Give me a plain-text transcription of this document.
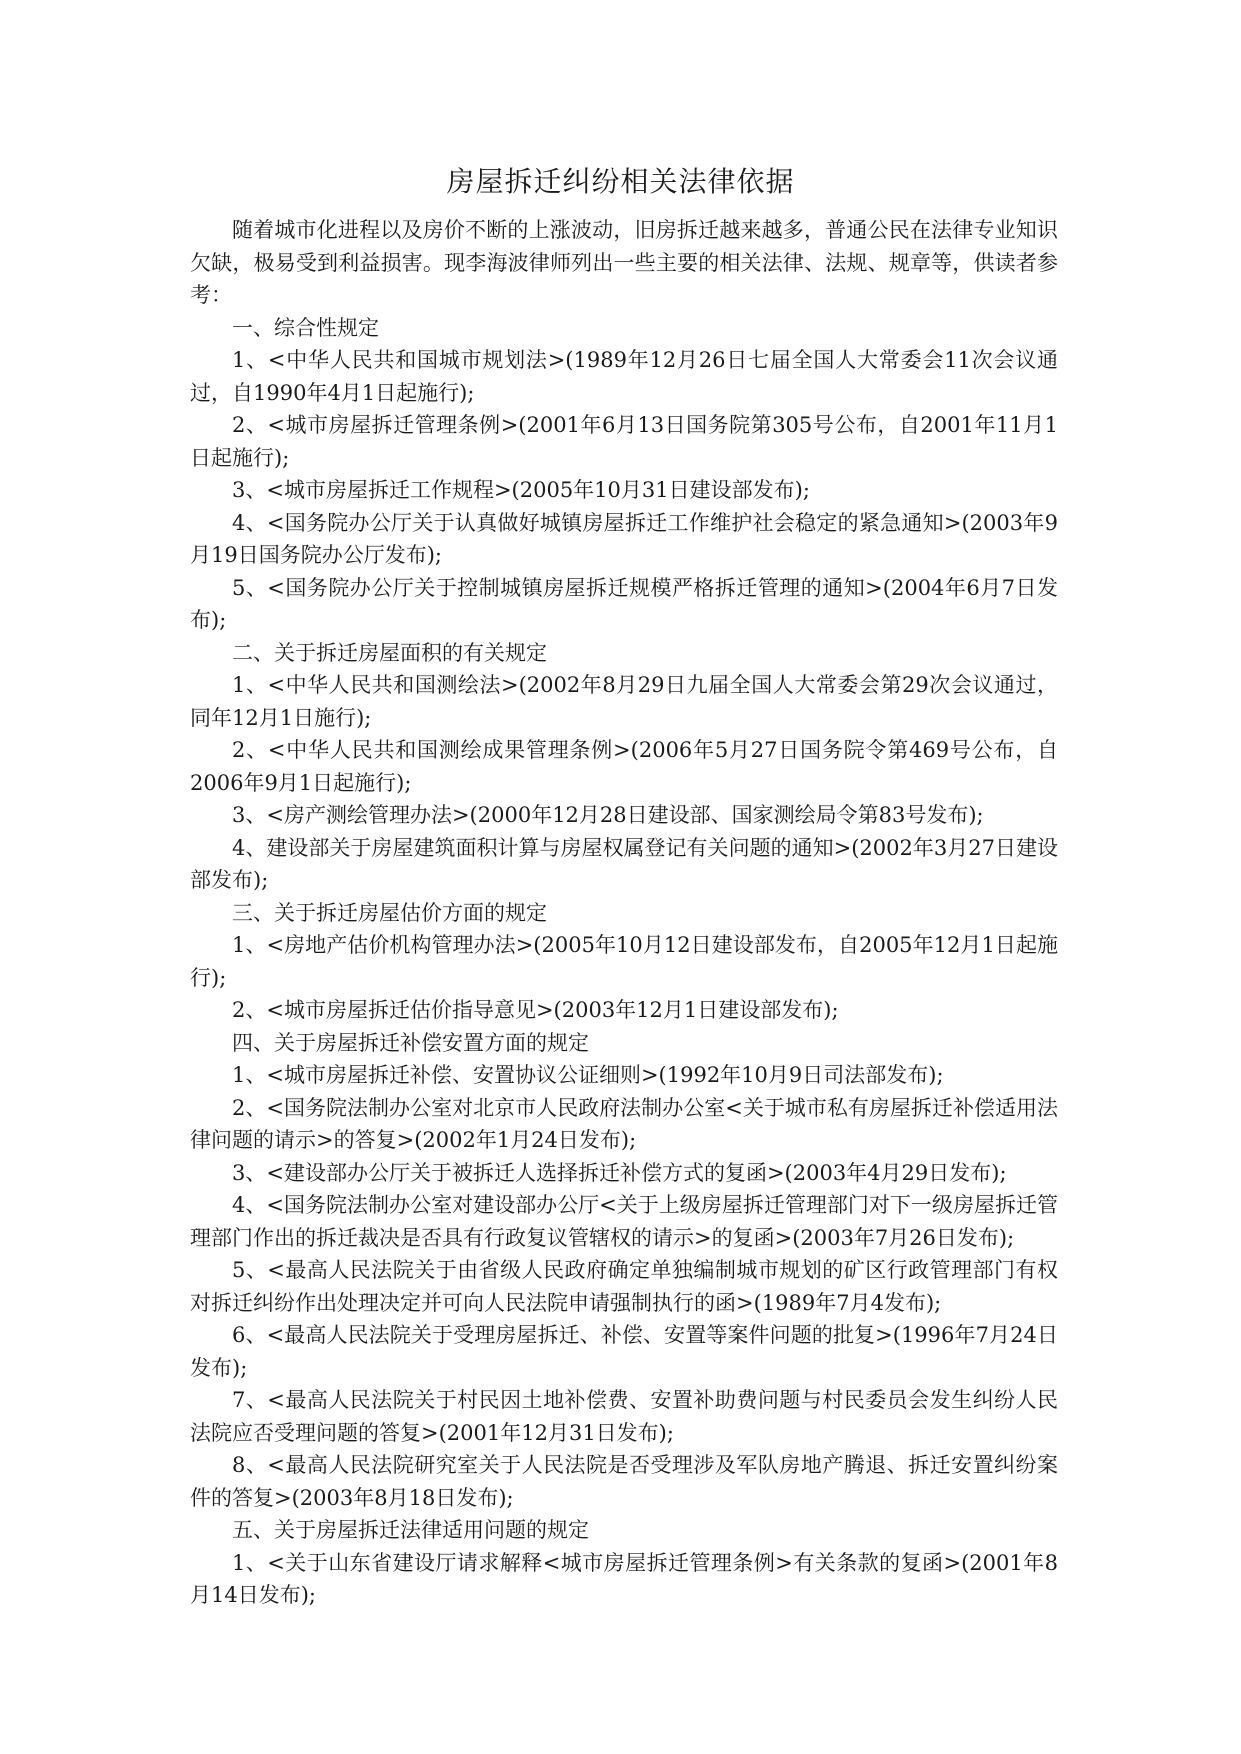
房屋拆迁纠纷相关法律依据

随着城市化进程以及房价不断的上涨波动，旧房拆迁越来越多，普通公民在法律专业知识欠缺，极易受到利益损害。现李海波律师列出一些主要的相关法律、法规、规章等，供读者参考：

一、综合性规定

1、<中华人民共和国城市规划法>(1989年12月26日七届全国人大常委会11次会议通过，自1990年4月1日起施行);

2、<城市房屋拆迁管理条例>(2001年6月13日国务院第305号公布，自2001年11月1日起施行);

3、<城市房屋拆迁工作规程>(2005年10月31日建设部发布);

4、<国务院办公厅关于认真做好城镇房屋拆迁工作维护社会稳定的紧急通知>(2003年9月19日国务院办公厅发布);

5、<国务院办公厅关于控制城镇房屋拆迁规模严格拆迁管理的通知>(2004年6月7日发布);

二、关于拆迁房屋面积的有关规定

1、<中华人民共和国测绘法>(2002年8月29日九届全国人大常委会第29次会议通过，同年12月1日施行);

2、<中华人民共和国测绘成果管理条例>(2006年5月27日国务院令第469号公布，自2006年9月1日起施行);

3、<房产测绘管理办法>(2000年12月28日建设部、国家测绘局令第83号发布);

4、建设部关于房屋建筑面积计算与房屋权属登记有关问题的通知>(2002年3月27日建设部发布);

三、关于拆迁房屋估价方面的规定

1、<房地产估价机构管理办法>(2005年10月12日建设部发布，自2005年12月1日起施行);

2、<城市房屋拆迁估价指导意见>(2003年12月1日建设部发布);

四、关于房屋拆迁补偿安置方面的规定

1、<城市房屋拆迁补偿、安置协议公证细则>(1992年10月9日司法部发布);

2、<国务院法制办公室对北京市人民政府法制办公室<关于城市私有房屋拆迁补偿适用法律问题的请示>的答复>(2002年1月24日发布);

3、<建设部办公厅关于被拆迁人选择拆迁补偿方式的复函>(2003年4月29日发布);

4、<国务院法制办公室对建设部办公厅<关于上级房屋拆迁管理部门对下一级房屋拆迁管理部门作出的拆迁裁决是否具有行政复议管辖权的请示>的复函>(2003年7月26日发布);

5、<最高人民法院关于由省级人民政府确定单独编制城市规划的矿区行政管理部门有权对拆迁纠纷作出处理决定并可向人民法院申请强制执行的函>(1989年7月4发布);

6、<最高人民法院关于受理房屋拆迁、补偿、安置等案件问题的批复>(1996年7月24日发布);

7、<最高人民法院关于村民因土地补偿费、安置补助费问题与村民委员会发生纠纷人民法院应否受理问题的答复>(2001年12月31日发布);

8、<最高人民法院研究室关于人民法院是否受理涉及军队房地产腾退、拆迁安置纠纷案件的答复>(2003年8月18日发布);

五、关于房屋拆迁法律适用问题的规定

1、<关于山东省建设厅请求解释<城市房屋拆迁管理条例>有关条款的复函>(2001年8月14日发布);
